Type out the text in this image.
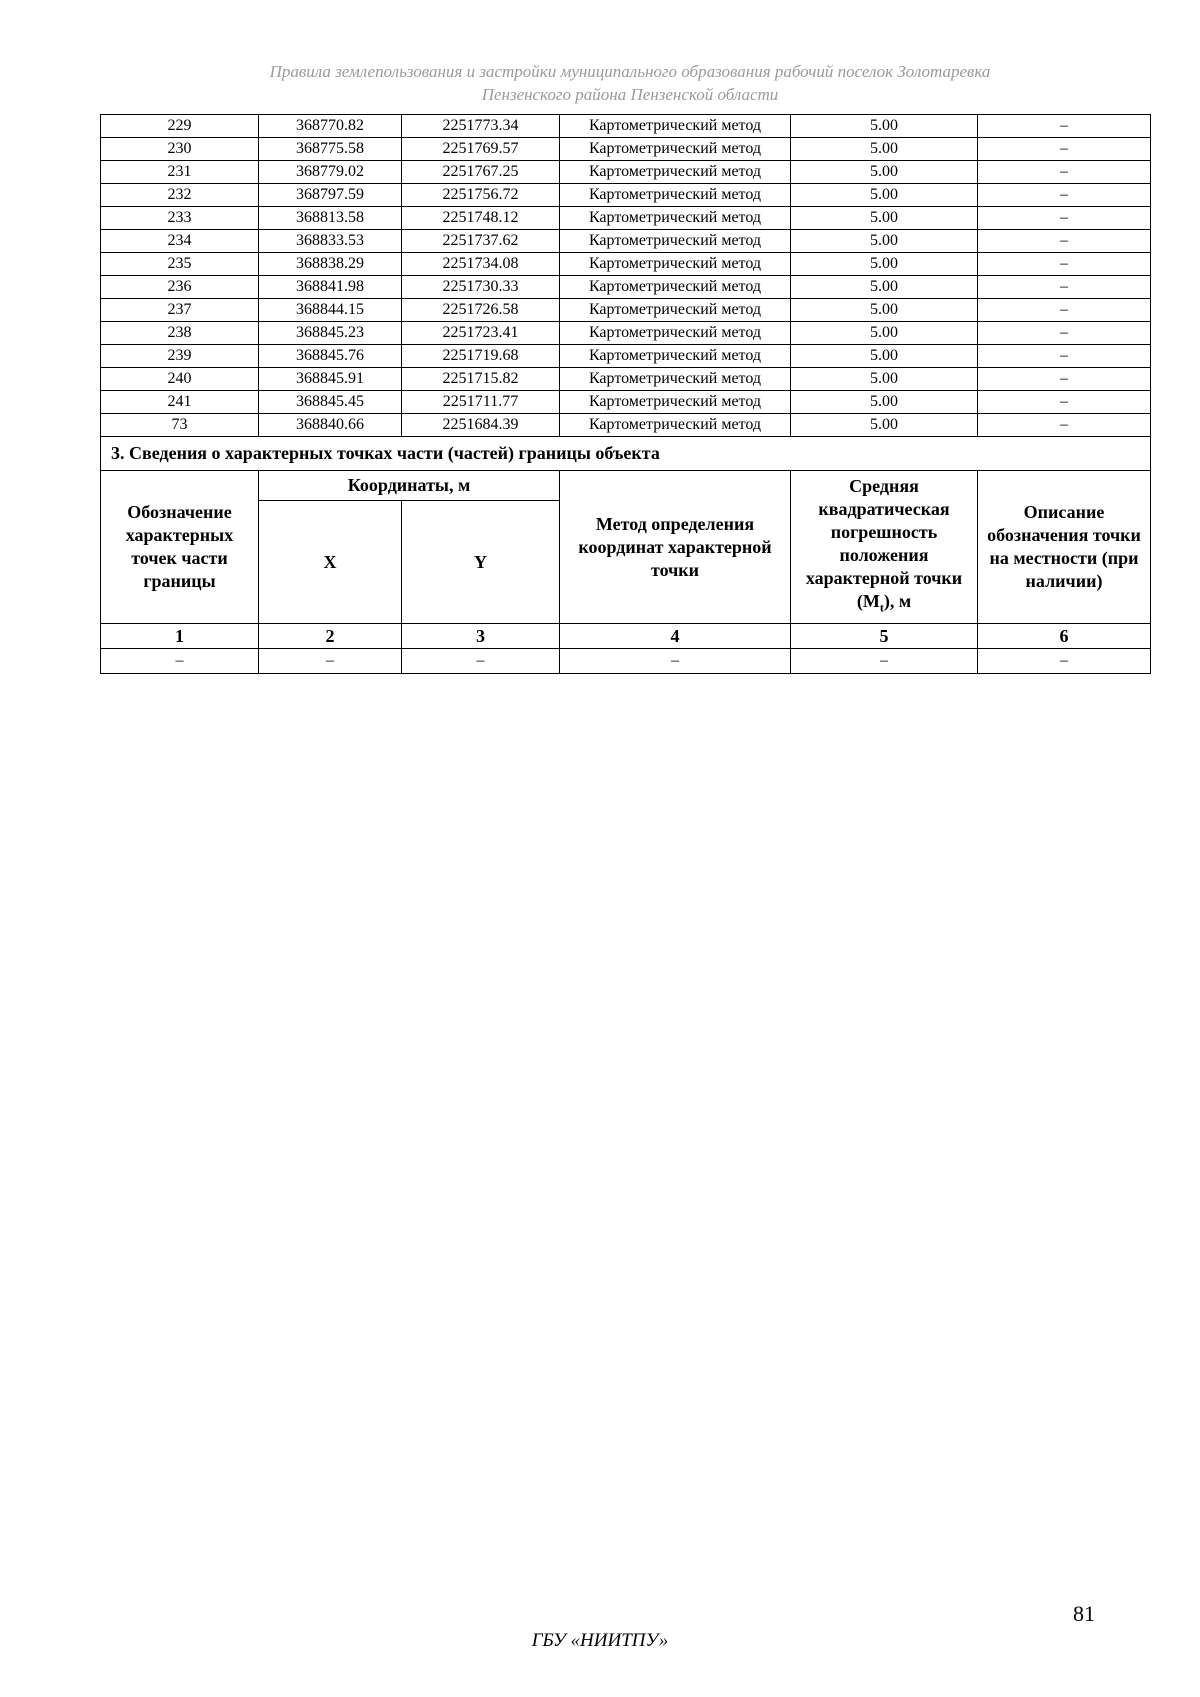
Правила землепользования и застройки муниципального образования рабочий поселок Золотаревка
Пензенского района Пензенской области
229	368770.82	2251773.34	Картометрический метод	5.00	–
230	368775.58	2251769.57	Картометрический метод	5.00	–
231	368779.02	2251767.25	Картометрический метод	5.00	–
232	368797.59	2251756.72	Картометрический метод	5.00	–
233	368813.58	2251748.12	Картометрический метод	5.00	–
234	368833.53	2251737.62	Картометрический метод	5.00	–
235	368838.29	2251734.08	Картометрический метод	5.00	–
236	368841.98	2251730.33	Картометрический метод	5.00	–
237	368844.15	2251726.58	Картометрический метод	5.00	–
238	368845.23	2251723.41	Картометрический метод	5.00	–
239	368845.76	2251719.68	Картометрический метод	5.00	–
240	368845.91	2251715.82	Картометрический метод	5.00	–
241	368845.45	2251711.77	Картометрический метод	5.00	–
73	368840.66	2251684.39	Картометрический метод	5.00	–
3. Сведения о характерных точках части (частей) границы объекта					
Обозначение характерных точек части границы	Координаты, м		Метод определения координат характерной точки	Средняя квадратическая погрешность положения характерной точки $(M_t)$, м	Описание обозначения точки на местности (при наличии)
	X	Y			
1	2	3	4	5	6
–	–	–	–	–	–
81
ГБУ «НИИТПУ»
